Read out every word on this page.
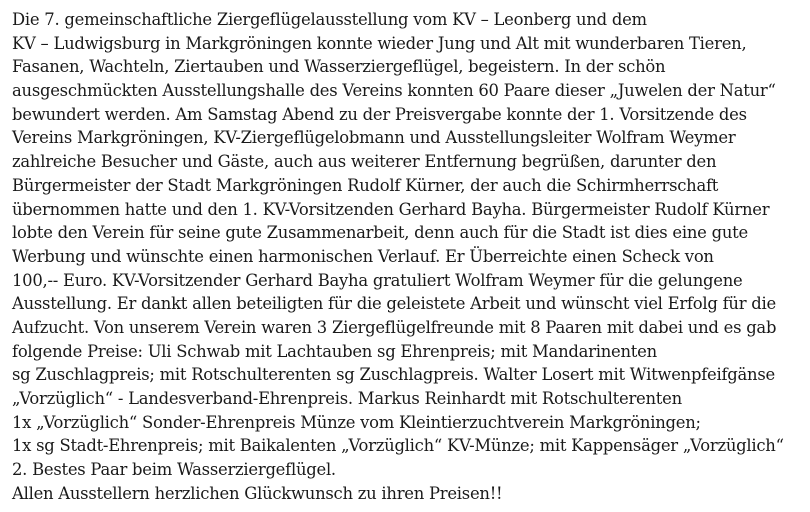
Die 7. gemeinschaftliche Ziergeflügelausstellung vom KV – Leonberg und dem
KV – Ludwigsburg in Markgröningen konnte wieder Jung und Alt mit wunderbaren Tieren,
Fasanen, Wachteln, Ziertauben und Wasserziergeflügel, begeistern. In der schön
ausgeschmückten Ausstellungshalle des Vereins konnten 60 Paare dieser „Juwelen der Natur“
bewundert werden. Am Samstag Abend zu der Preisvergabe konnte der 1. Vorsitzende des
Vereins Markgröningen, KV-Ziergeflügelobmann und Ausstellungsleiter Wolfram Weymer
zahlreiche Besucher und Gäste, auch aus weiterer Entfernung begrüßen, darunter den
Bürgermeister der Stadt Markgröningen Rudolf Kürner, der auch die Schirmherrschaft
übernommen hatte und den 1. KV-Vorsitzenden Gerhard Bayha. Bürgermeister Rudolf Kürner
lobte den Verein für seine gute Zusammenarbeit, denn auch für die Stadt ist dies eine gute
Werbung und wünschte einen harmonischen Verlauf. Er Überreichte einen Scheck von
100,-- Euro. KV-Vorsitzender Gerhard Bayha gratuliert Wolfram Weymer für die gelungene
Ausstellung. Er dankt allen beteiligten für die geleistete Arbeit und wünscht viel Erfolg für die
Aufzucht. Von unserem Verein waren 3 Ziergeflügelfreunde mit 8 Paaren mit dabei und es gab
folgende Preise: Uli Schwab mit Lachtauben sg Ehrenpreis; mit Mandarinenten
sg Zuschlagpreis; mit Rotschulterenten sg Zuschlagpreis. Walter Losert mit Witwenpfeifgänse
„Vorzüglich“ - Landesverband-Ehrenpreis. Markus Reinhardt mit Rotschulterenten
1x „Vorzüglich“ Sonder-Ehrenpreis Münze vom Kleintierzuchtverein Markgröningen;
1x sg Stadt-Ehrenpreis; mit Baikalenten „Vorzüglich“ KV-Münze; mit Kappensäger „Vorzüglich“
2. Bestes Paar beim Wasserziergeflügel.
Allen Ausstellern herzlichen Glückwunsch zu ihren Preisen!!
